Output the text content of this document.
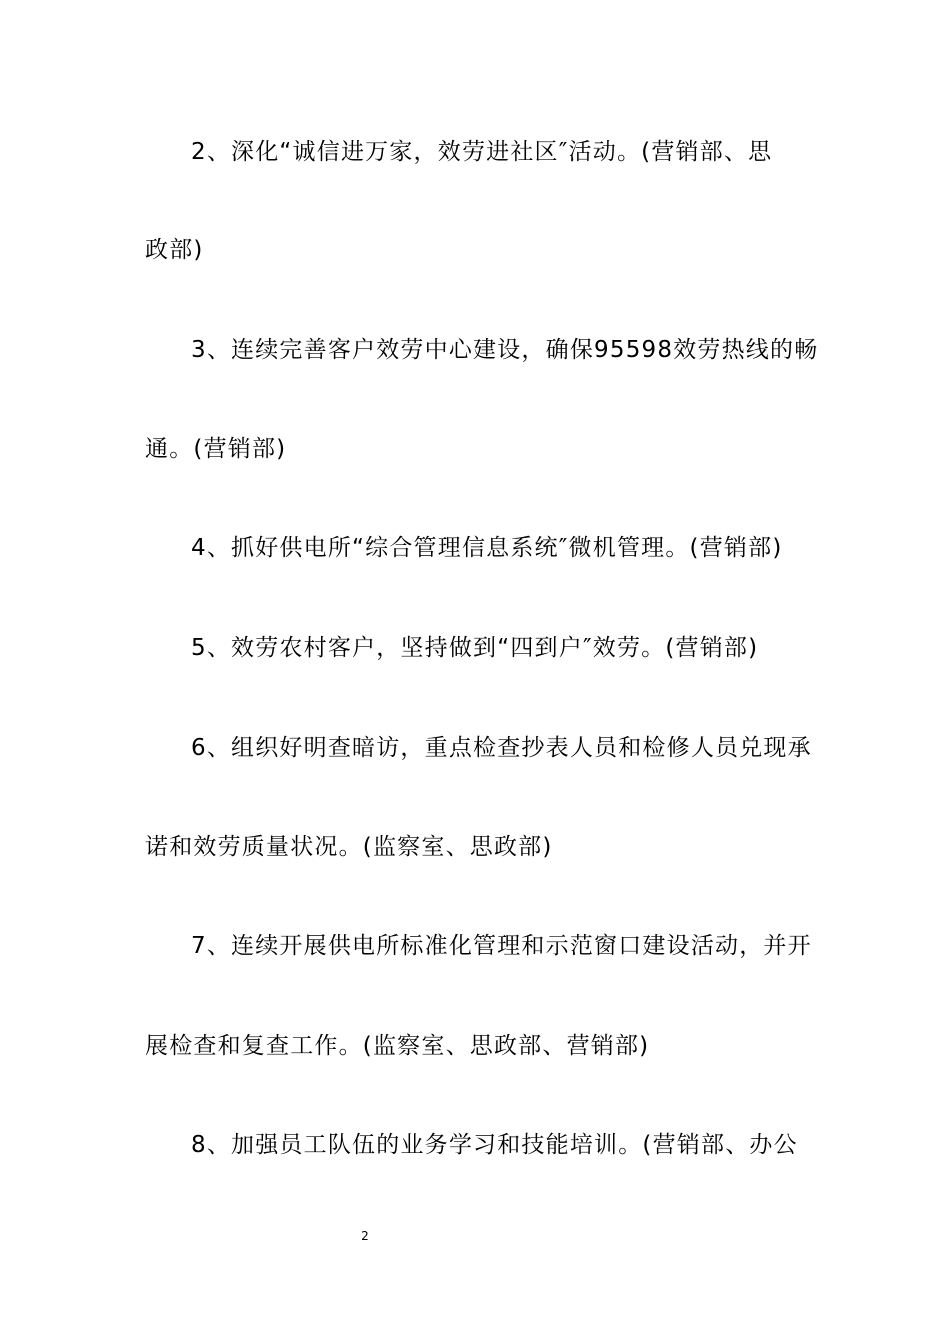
2、深化“诚信进万家，效劳进社区″活动。(营销部、思
政部)
3、连续完善客户效劳中心建设，确保95598效劳热线的畅
通。(营销部)
4、抓好供电所“综合管理信息系统″微机管理。(营销部)
5、效劳农村客户，坚持做到“四到户″效劳。(营销部)
6、组织好明查暗访，重点检查抄表人员和检修人员兑现承
诺和效劳质量状况。(监察室、思政部)
7、连续开展供电所标准化管理和示范窗口建设活动，并开
展检查和复查工作。(监察室、思政部、营销部)
8、加强员工队伍的业务学习和技能培训。(营销部、办公
2
